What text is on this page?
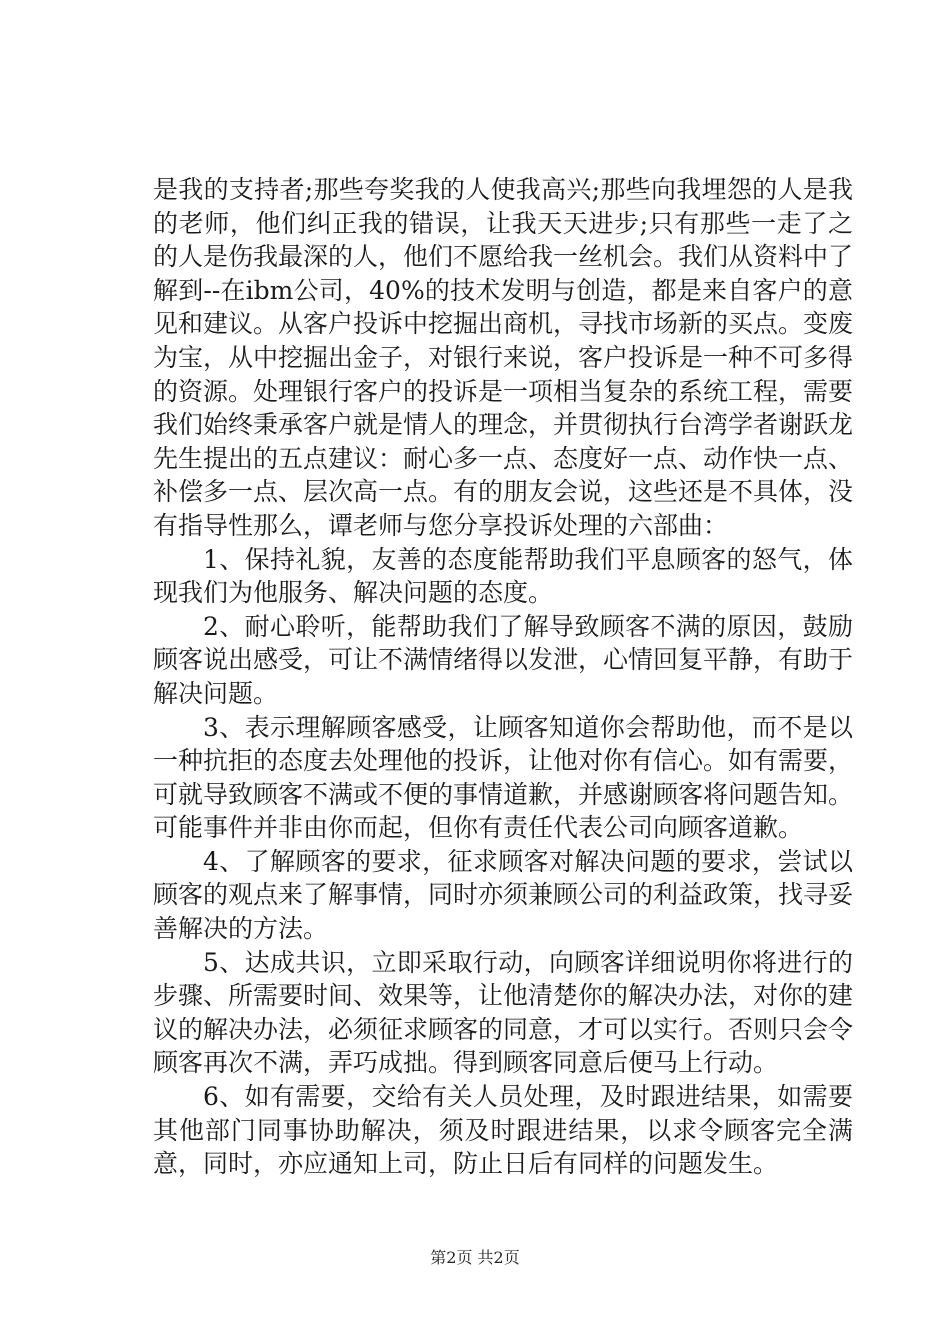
是我的支持者;那些夸奖我的人使我高兴;那些向我埋怨的人是我的老师，他们纠正我的错误，让我天天进步;只有那些一走了之的人是伤我最深的人，他们不愿给我一丝机会。我们从资料中了解到--在ibm公司，40%的技术发明与创造，都是来自客户的意见和建议。从客户投诉中挖掘出商机，寻找市场新的买点。变废为宝，从中挖掘出金子，对银行来说，客户投诉是一种不可多得的资源。处理银行客户的投诉是一项相当复杂的系统工程，需要我们始终秉承客户就是情人的理念，并贯彻执行台湾学者谢跃龙先生提出的五点建议：耐心多一点、态度好一点、动作快一点、补偿多一点、层次高一点。有的朋友会说，这些还是不具体，没有指导性那么，谭老师与您分享投诉处理的六部曲：

1、保持礼貌，友善的态度能帮助我们平息顾客的怒气，体现我们为他服务、解决问题的态度。

2、耐心聆听，能帮助我们了解导致顾客不满的原因，鼓励顾客说出感受，可让不满情绪得以发泄，心情回复平静，有助于解决问题。

3、表示理解顾客感受，让顾客知道你会帮助他，而不是以一种抗拒的态度去处理他的投诉，让他对你有信心。如有需要，可就导致顾客不满或不便的事情道歉，并感谢顾客将问题告知。可能事件并非由你而起，但你有责任代表公司向顾客道歉。

4、了解顾客的要求，征求顾客对解决问题的要求，尝试以顾客的观点来了解事情，同时亦须兼顾公司的利益政策，找寻妥善解决的方法。

5、达成共识，立即采取行动，向顾客详细说明你将进行的步骤、所需要时间、效果等，让他清楚你的解决办法，对你的建议的解决办法，必须征求顾客的同意，才可以实行。否则只会令顾客再次不满，弄巧成拙。得到顾客同意后便马上行动。

6、如有需要，交给有关人员处理，及时跟进结果，如需要其他部门同事协助解决，须及时跟进结果，以求令顾客完全满意，同时，亦应通知上司，防止日后有同样的问题发生。

第2页 共2页
